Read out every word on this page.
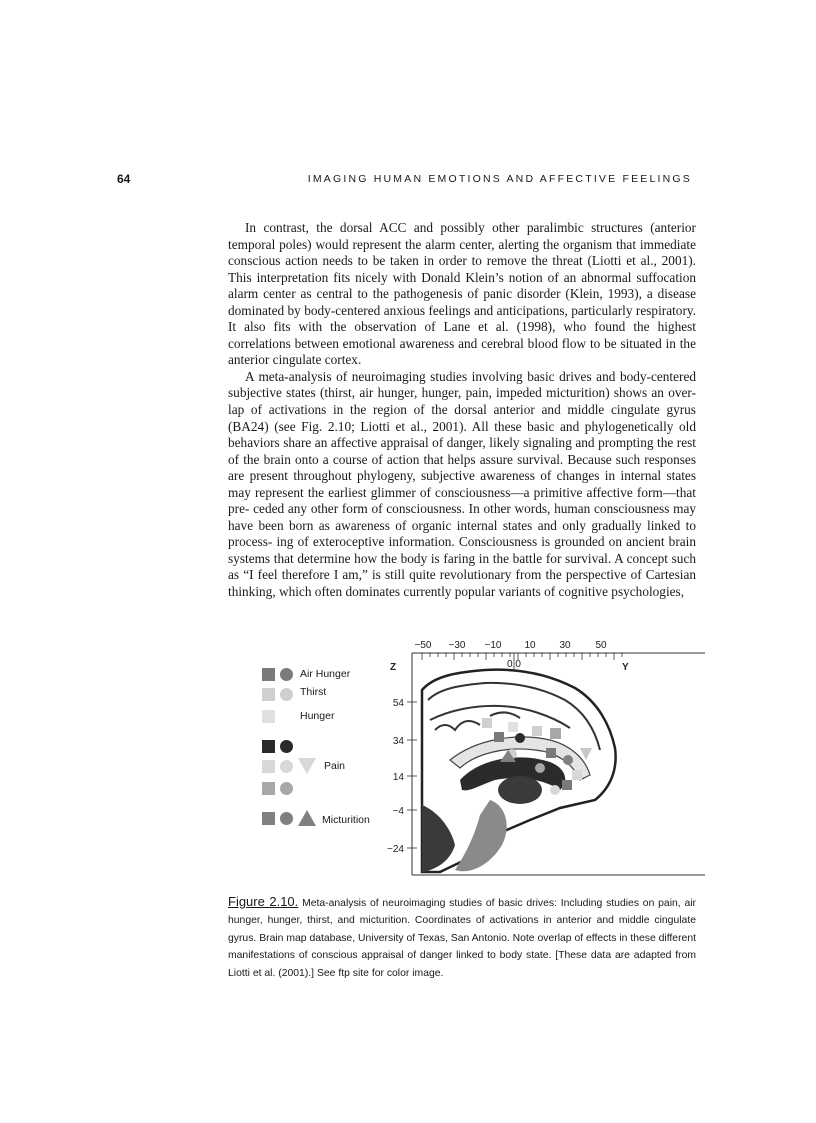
64	IMAGING HUMAN EMOTIONS AND AFFECTIVE FEELINGS

In contrast, the dorsal ACC and possibly other paralimbic structures (anterior temporal poles) would represent the alarm center, alerting the organism that immediate conscious action needs to be taken in order to remove the threat (Liotti et al., 2001). This interpretation fits nicely with Donald Klein’s notion of an abnormal suffocation alarm center as central to the pathogenesis of panic disorder (Klein, 1993), a disease dominated by body-centered anxious feelings and anticipations, particularly respiratory. It also fits with the observation of Lane et al. (1998), who found the highest correlations between emotional awareness and cerebral blood flow to be situated in the anterior cingulate cortex.

A meta-analysis of neuroimaging studies involving basic drives and body-centered subjective states (thirst, air hunger, hunger, pain, impeded micturition) shows an over- lap of activations in the region of the dorsal anterior and middle cingulate gyrus (BA24) (see Fig. 2.10; Liotti et al., 2001). All these basic and phylogenetically old behaviors share an affective appraisal of danger, likely signaling and prompting the rest of the brain onto a course of action that helps assure survival. Because such responses are present throughout phylogeny, subjective awareness of changes in internal states may represent the earliest glimmer of consciousness—a primitive affective form—that pre- ceded any other form of consciousness. In other words, human consciousness may have been born as awareness of organic internal states and only gradually linked to process- ing of exteroceptive information. Consciousness is grounded on ancient brain systems that determine how the body is faring in the battle for survival. A concept such as “I feel therefore I am,” is still quite revolutionary from the perspective of Cartesian thinking, which often dominates currently popular variants of cognitive psychologies,

−50 −30 −10 10 30 50
0.0
Z	Y
54
34
14
−4
−24
Air Hunger
Thirst
Hunger
Pain
Micturition

Figure 2.10. Meta-analysis of neuroimaging studies of basic drives: Including studies on pain, air hunger, hunger, thirst, and micturition. Coordinates of activations in anterior and middle cingulate gyrus. Brain map database, University of Texas, San Antonio. Note overlap of effects in these different manifestations of conscious appraisal of danger linked to body state. [These data are adapted from Liotti et al. (2001).] See ftp site for color image.
